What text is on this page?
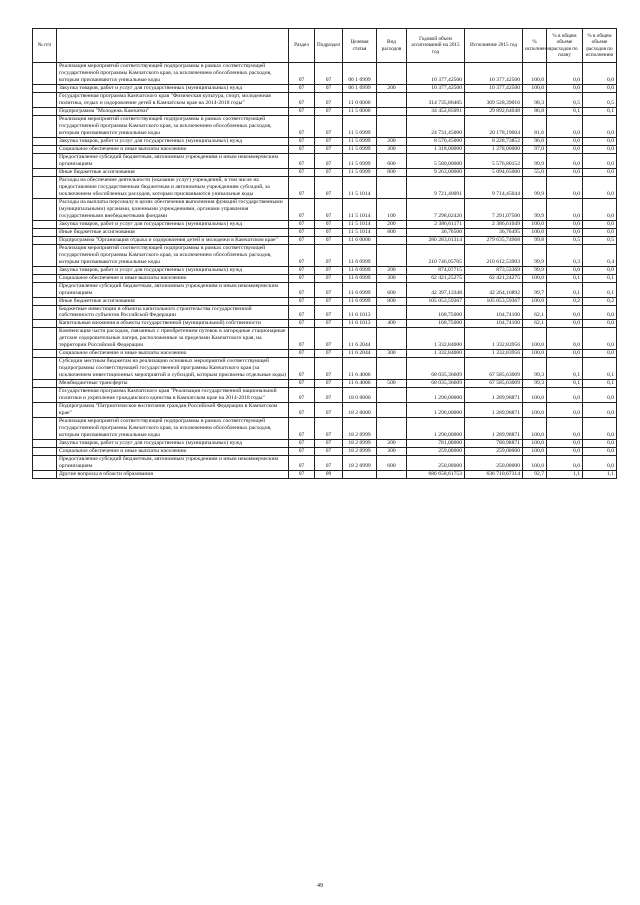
№ п/п		Раздел	Подраздел	Целевая статья	Вид расходов	Годовой объем ассигнований на 2015 год	Исполнение 2015 год	% исполнения	% в общем объеме расходов по плану	% в общем объеме расходов по исполнению
	Реализация мероприятий соответствующей подпрограммы в рамках соответствующей государственной программы Камчатского края, за исключением обособленных расходов, которым присваиваются уникальные коды	07	07	06 1 0999		10 377,42500	10 377,42500	100,0	0,0	0,0
	Закупка товаров, работ и услуг для государственных (муниципальных) нужд	07	07	06 1 0999	200	10 377,42500	10 377,42500	100,0	0,0	0,0
	Государственная программа Камчатского края "Физическая культура, спорт, молодежная политика, отдых и оздоровление детей в Камчатском крае на 2014-2018 годы"	07	07	11 0 0000		314 735,86405	309 528,39016	98,3	0,5	0,5
	Подпрограмма "Молодежь Камчатки"	07	07	11 5 0000		34 452,85091	29 892,64048	86,8	0,1	0,1
	Реализация мероприятий соответствующей подпрограммы в рамках соответствующей государственной программы Камчатского края, за исключением обособленных расходов, которым присваиваются уникальные коды	07	07	11 5 0999		24 731,45000	20 178,19004	81,6	0,0	0,0
	Закупка товаров, работ и услуг для государственных (муниципальных) нужд	07	07	11 5 0999	200	8 570,45000	8 228,73852	96,0	0,0	0,0
	Социальное обеспечение и иные выплаты населению	07	07	11 5 0999	300	1 318,00000	1 278,00000	97,0	0,0	0,0
	Предоставление субсидий бюджетным, автономным учреждениям и иным некоммерческим организациям	07	07	11 5 0999	600	5 580,00000	5 576,80152	99,9	0,0	0,0
	Иные бюджетные ассигнования	07	07	11 5 0999	800	9 263,00000	5 094,65000	55,0	0,0	0,0
	Расходы на обеспечение деятельности (оказание услуг) учреждений, в том числе на предоставление государственным бюджетным и автономным учреждениям субсидий, за исключением обособленных расходов, которым присваиваются уникальные коды	07	07	11 5 1014		9 721,40091	9 714,45044	99,9	0,0	0,0
	Расходы на выплаты персоналу в целях обеспечения выполнения функций государственными (муниципальными) органами, казенными учреждениями, органами управления государственными внебюджетными фондами	07	07	11 5 1014	100	7 298,02420	7 291,07500	99,9	0,0	0,0
	Закупка товаров, работ и услуг для государственных (муниципальных) нужд	07	07	11 5 1014	200	2 386,61171	2 386,61049	100,0	0,0	0,0
	Иные бюджетные ассигнования	07	07	11 5 1014	800	36,76500	36,76495	100,0	0,0	0,0
	Подпрограмма "Организация отдыха и оздоровления детей и молодежи в Камчатском крае"	07	07	11 6 0000		280 283,01314	279 635,74968	99,8	0,5	0,5
	Реализация мероприятий соответствующей подпрограммы в рамках соответствующей государственной программы Камчатского края, за исключением обособленных расходов, которым присваиваются уникальные коды	07	07	11 6 0999		210 746,05705	210 612,53903	99,9	0,3	0,4
	Закупка товаров, работ и услуг для государственных (муниципальных) нужд	07	07	11 6 0999	200	874,07715	873,53369	99,9	0,0	0,0
	Социальное обеспечение и иные выплаты населению	07	07	11 6 0999	300	62 421,25275	62 421,24275	100,0	0,1	0,1
	Предоставление субсидий бюджетным, автономным учреждениям и иным некоммерческим организациям	07	07	11 6 0999	600	42 397,13348	42 264,16892	99,7	0,1	0,1
	Иные бюджетные ассигнования	07	07	11 6 0999	800	105 053,59367	105 053,59367	100,0	0,2	0,2
	Бюджетные инвестиции в объекты капитального строительства государственной собственности субъектов Российской Федерации	07	07	11 6 1013		168,75000	104,74100	62,1	0,0	0,0
	Капитальные вложения в объекты государственной (муниципальной) собственности	07	07	11 6 1013	400	168,75000	104,74100	62,1	0,0	0,0
	Компенсация части расходов, связанных с приобретением путевок в загородные стационарные детские оздоровительные лагеря, расположенные за пределами Камчатского края, на территории Российской Федерации	07	07	11 6 2044		1 332,84000	1 332,83956	100,0	0,0	0,0
	Социальное обеспечение и иные выплаты населению	07	07	11 6 2044	300	1 332,84000	1 332,83956	100,0	0,0	0,0
	Субсидии местным бюджетам на реализацию основных мероприятий соответствующей подпрограммы соответствующей государственной программы Камчатского края (за исключением инвестиционных мероприятий и субсидий, которым присвоены отдельные коды)	07	07	11 6 4006		68 035,36609	67 585,63009	99,3	0,1	0,1
	Межбюджетные трансферты	07	07	11 6 4006	500	68 035,36609	67 585,63009	99,3	0,1	0,1
	Государственная программа Камчатского края "Реализация государственной национальной политики и укрепление гражданского единства в Камчатском крае на 2014-2018 годы"	07	07	18 0 0000		1 290,00000	1 289,98871	100,0	0,0	0,0
	Подпрограмма "Патриотическое воспитание граждан Российской Федерации в Камчатском крае"	07	07	18 2 0000		1 290,00000	1 289,98871	100,0	0,0	0,0
	Реализация мероприятий соответствующей подпрограммы в рамках соответствующей государственной программы Камчатского края, за исключением обособленных расходов, которым присваиваются уникальные коды	07	07	18 2 0999		1 290,00000	1 289,98871	100,0	0,0	0,0
	Закупка товаров, работ и услуг для государственных (муниципальных) нужд	07	07	18 2 0999	200	781,00000	780,98871	100,0	0,0	0,0
	Социальное обеспечение и иные выплаты населению	07	07	18 2 0999	300	259,00000	259,00000	100,0	0,0	0,0
	Предоставление субсидий бюджетным, автономным учреждениям и иным некоммерческим организациям	07	07	18 2 0999	600	250,00000	250,00000	100,0	0,0	0,0
	Другие вопросы в области образования	07	09			686 658,61753	636 710,67314	92,7	1,1	1,1
49
